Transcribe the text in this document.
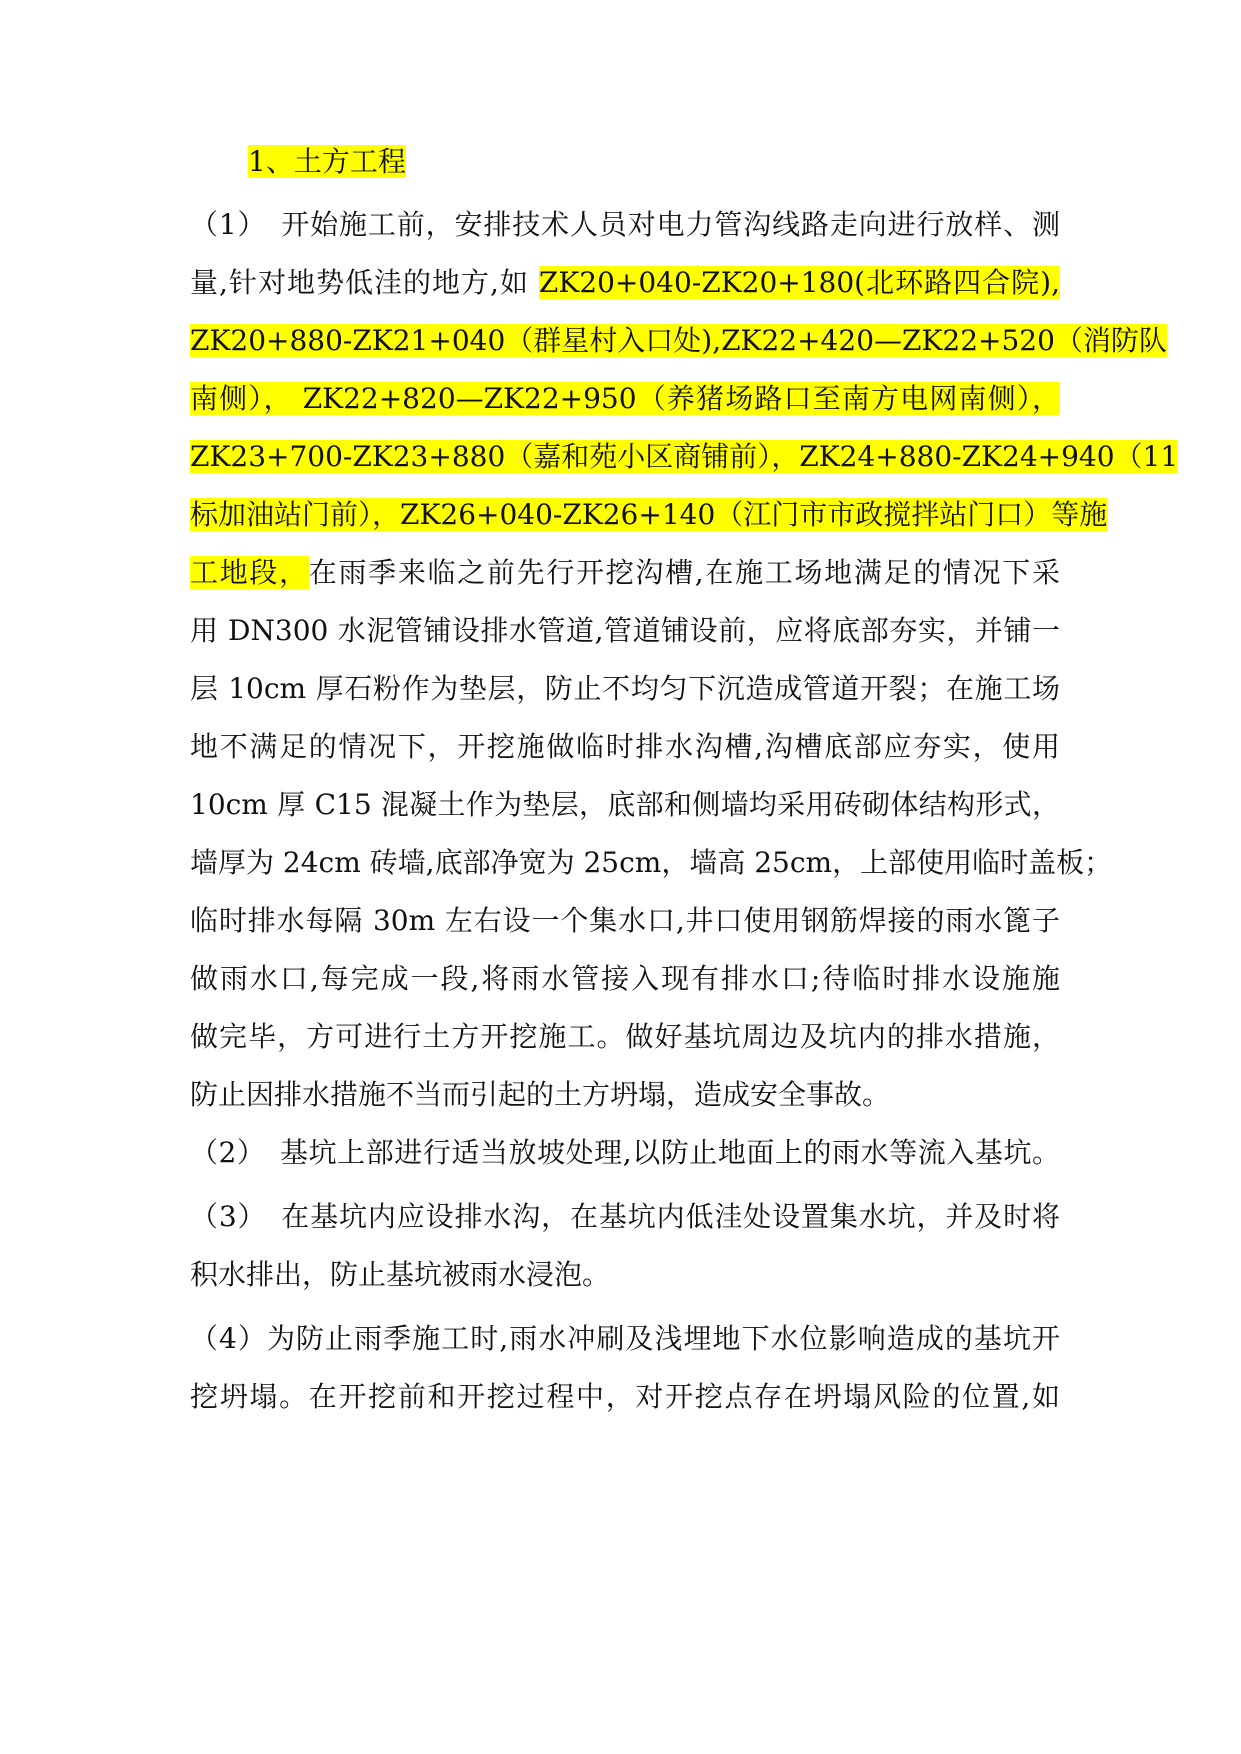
1、土方工程
（1）　开始施工前，安排技术人员对电力管沟线路走向进行放样、测
量,针对地势低洼的地方,如 ZK20+040-ZK20+180(北环路四合院),
ZK20+880-ZK21+040（群星村入口处),ZK22+420—ZK22+520（消防队
南侧）， ZK22+820—ZK22+950（养猪场路口至南方电网南侧），
ZK23+700-ZK23+880（嘉和苑小区商铺前），ZK24+880-ZK24+940（11
标加油站门前），ZK26+040-ZK26+140（江门市市政搅拌站门口）等施
工地段，在雨季来临之前先行开挖沟槽,在施工场地满足的情况下采
用 DN300 水泥管铺设排水管道,管道铺设前，应将底部夯实，并铺一
层 10cm 厚石粉作为垫层，防止不均匀下沉造成管道开裂；在施工场
地不满足的情况下，开挖施做临时排水沟槽,沟槽底部应夯实，使用
10cm 厚 C15 混凝土作为垫层，底部和侧墙均采用砖砌体结构形式，
墙厚为 24cm 砖墙,底部净宽为 25cm，墙高 25cm，上部使用临时盖板；
临时排水每隔 30m 左右设一个集水口,井口使用钢筋焊接的雨水篦子
做雨水口,每完成一段,将雨水管接入现有排水口;待临时排水设施施
做完毕，方可进行土方开挖施工。做好基坑周边及坑内的排水措施，
防止因排水措施不当而引起的土方坍塌，造成安全事故。
（2）　基坑上部进行适当放坡处理,以防止地面上的雨水等流入基坑。
（3）　在基坑内应设排水沟，在基坑内低洼处设置集水坑，并及时将
积水排出，防止基坑被雨水浸泡。
（4）为防止雨季施工时,雨水冲刷及浅埋地下水位影响造成的基坑开
挖坍塌。在开挖前和开挖过程中，对开挖点存在坍塌风险的位置,如
